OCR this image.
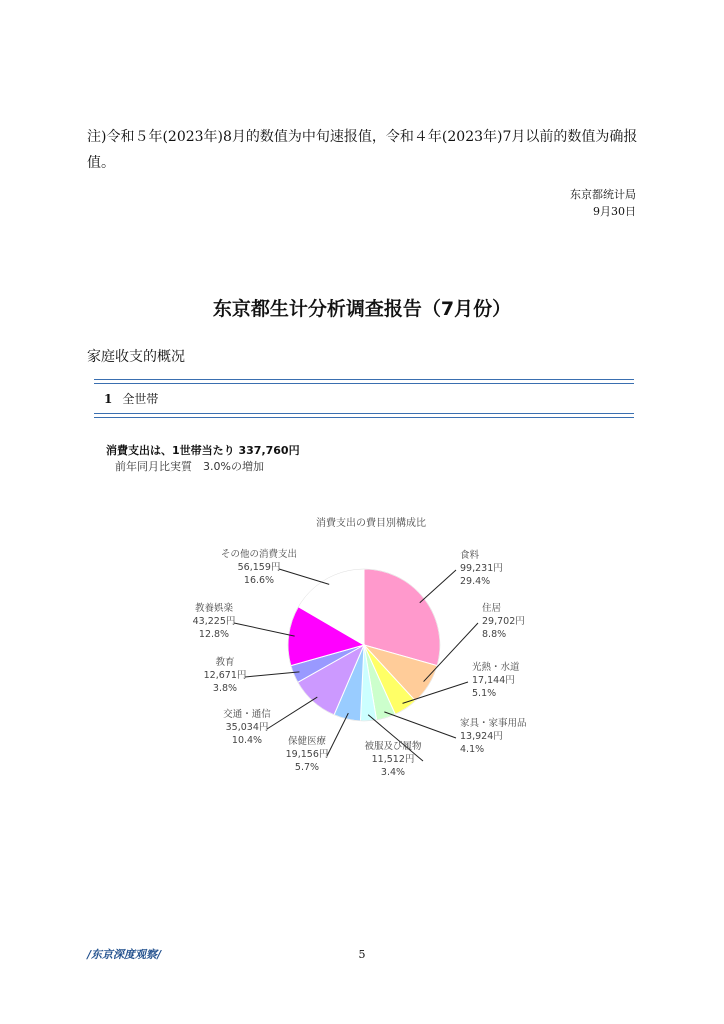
注)令和５年(2023年)8月的数值为中旬速报值，令和４年(2023年)7月以前的数值为确报值。
东京都统计局
9月30日
东京都生计分析调查报告（7月份）
家庭收支的概况
1 全世帯
消費支出は、1世帯当たり 337,760円
前年同月比実質　3.0%の増加
消費支出の費目別構成比
食料
99,231円
29.4%
住居
29,702円
8.8%
光熱・水道
17,144円
5.1%
家具・家事用品
13,924円
4.1%
被服及び履物
11,512円
3.4%
保健医療
19,156円
5.7%
交通・通信
35,034円
10.4%
教育
12,671円
3.8%
教養娯楽
43,225円
12.8%
その他の消費支出
56,159円
16.6%
/东京深度观察/	5
